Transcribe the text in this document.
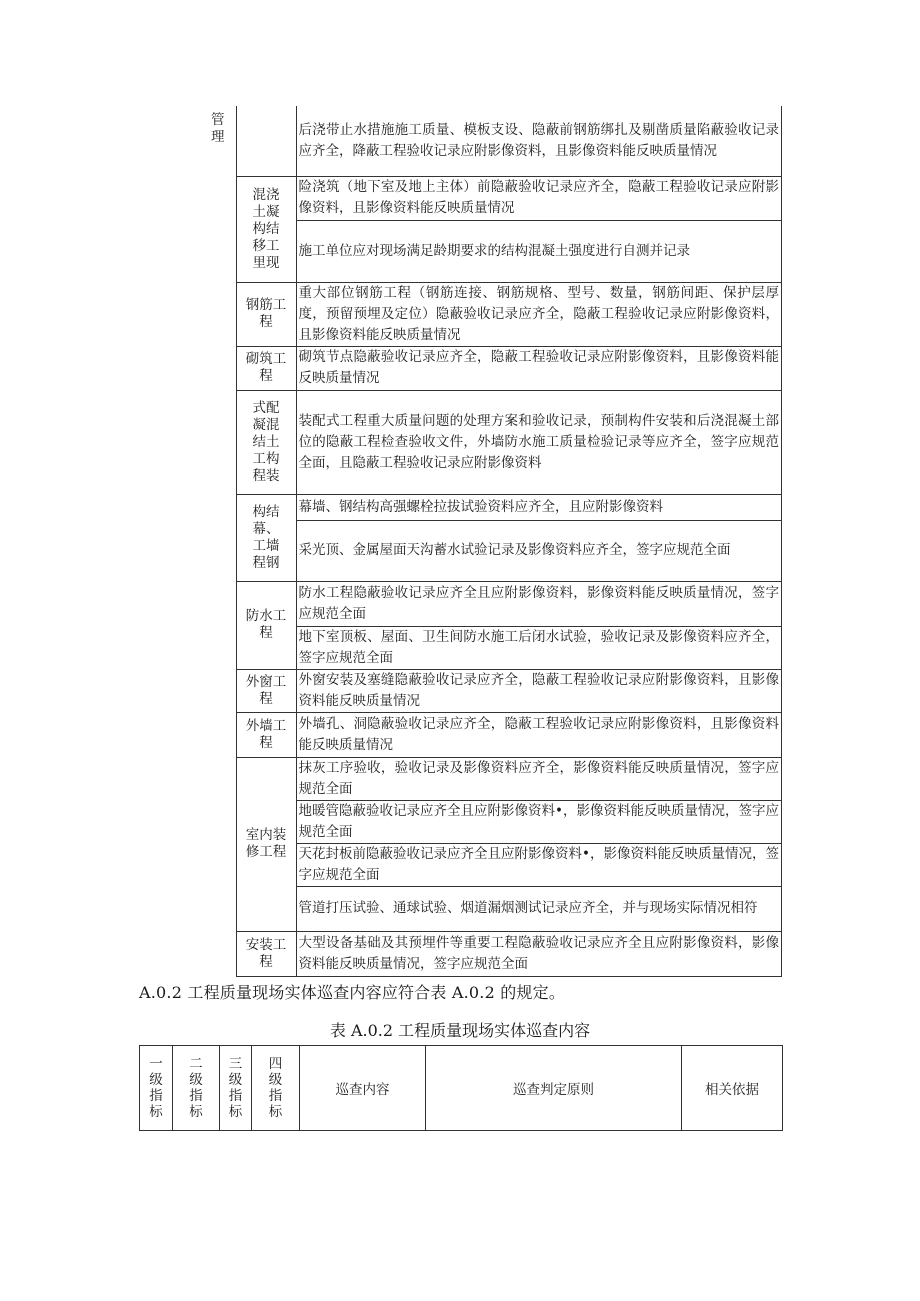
管理		后浇带止水措施施工质量、模板支设、隐蔽前钢筋绑扎及剔凿质量陷蔽验收记录应齐全，降蔽工程验收记录应附影像资料，且影像资料能反映质量情况
	混浇土凝构结移工里现	险浇筑（地下室及地上主体）前隐蔽验收记录应齐全，隐蔽工程验收记录应附影像资料，且影像资料能反映质量情况
		施工单位应对现场满足龄期要求的结构混凝土强度进行自测并记录
	钢筋工程	重大部位钢筋工程（钢筋连接、钢筋规格、型号、数量，钢筋间距、保护层厚度，预留预埋及定位）隐蔽验收记录应齐全，隐蔽工程验收记录应附影像资料，且影像资料能反映质量情况
	砌筑工程	砌筑节点隐蔽验收记录应齐全，隐蔽工程验收记录应附影像资料，且影像资料能反映质量情况
	式配凝混结土工构程装	装配式工程重大质量问题的处理方案和验收记录，预制构件安装和后浇混凝土部位的隐蔽工程检查验收文件，外墙防水施工质量检验记录等应齐全，签字应规范全面，且隐蔽工程验收记录应附影像资料
	构结幕、工墙程钢	幕墙、钢结构高强螺栓拉拔试验资料应齐全，且应附影像资料
		采光顶、金属屋面天沟蓄水试验记录及影像资料应齐全，签字应规范全面
	防水工程	防水工程隐蔽验收记录应齐全且应附影像资料，影像资料能反映质量情况，签字应规范全面
		地下室顶板、屋面、卫生间防水施工后闭水试验，验收记录及影像资料应齐全，签字应规范全面
	外窗工程	外窗安装及塞缝隐蔽验收记录应齐全，隐蔽工程验收记录应附影像资料，且影像资料能反映质量情况
	外墙工程	外墙孔、洞隐蔽验收记录应齐全，隐蔽工程验收记录应附影像资料，且影像资料能反映质量情况
	室内装修工程	抹灰工序验收，验收记录及影像资料应齐全，影像资料能反映质量情况，签字应规范全面
		地暖管隐蔽验收记录应齐全且应附影像资料•，影像资料能反映质量情况，签字应规范全面
		天花封板前隐蔽验收记录应齐全且应附影像资料•，影像资料能反映质量情况，签字应规范全面
		管道打压试验、通球试验、烟道漏烟测试记录应齐全，并与现场实际情况相符
	安装工程	大型设备基础及其预埋件等重要工程隐蔽验收记录应齐全且应附影像资料，影像资料能反映质量情况，签字应规范全面
A.0.2 工程质量现场实体巡查内容应符合表 A.0.2 的规定。
表 A.0.2 工程质量现场实体巡查内容
一级指标	二级指标	三级指标	四级指标	巡查内容	巡查判定原则	相关依据
